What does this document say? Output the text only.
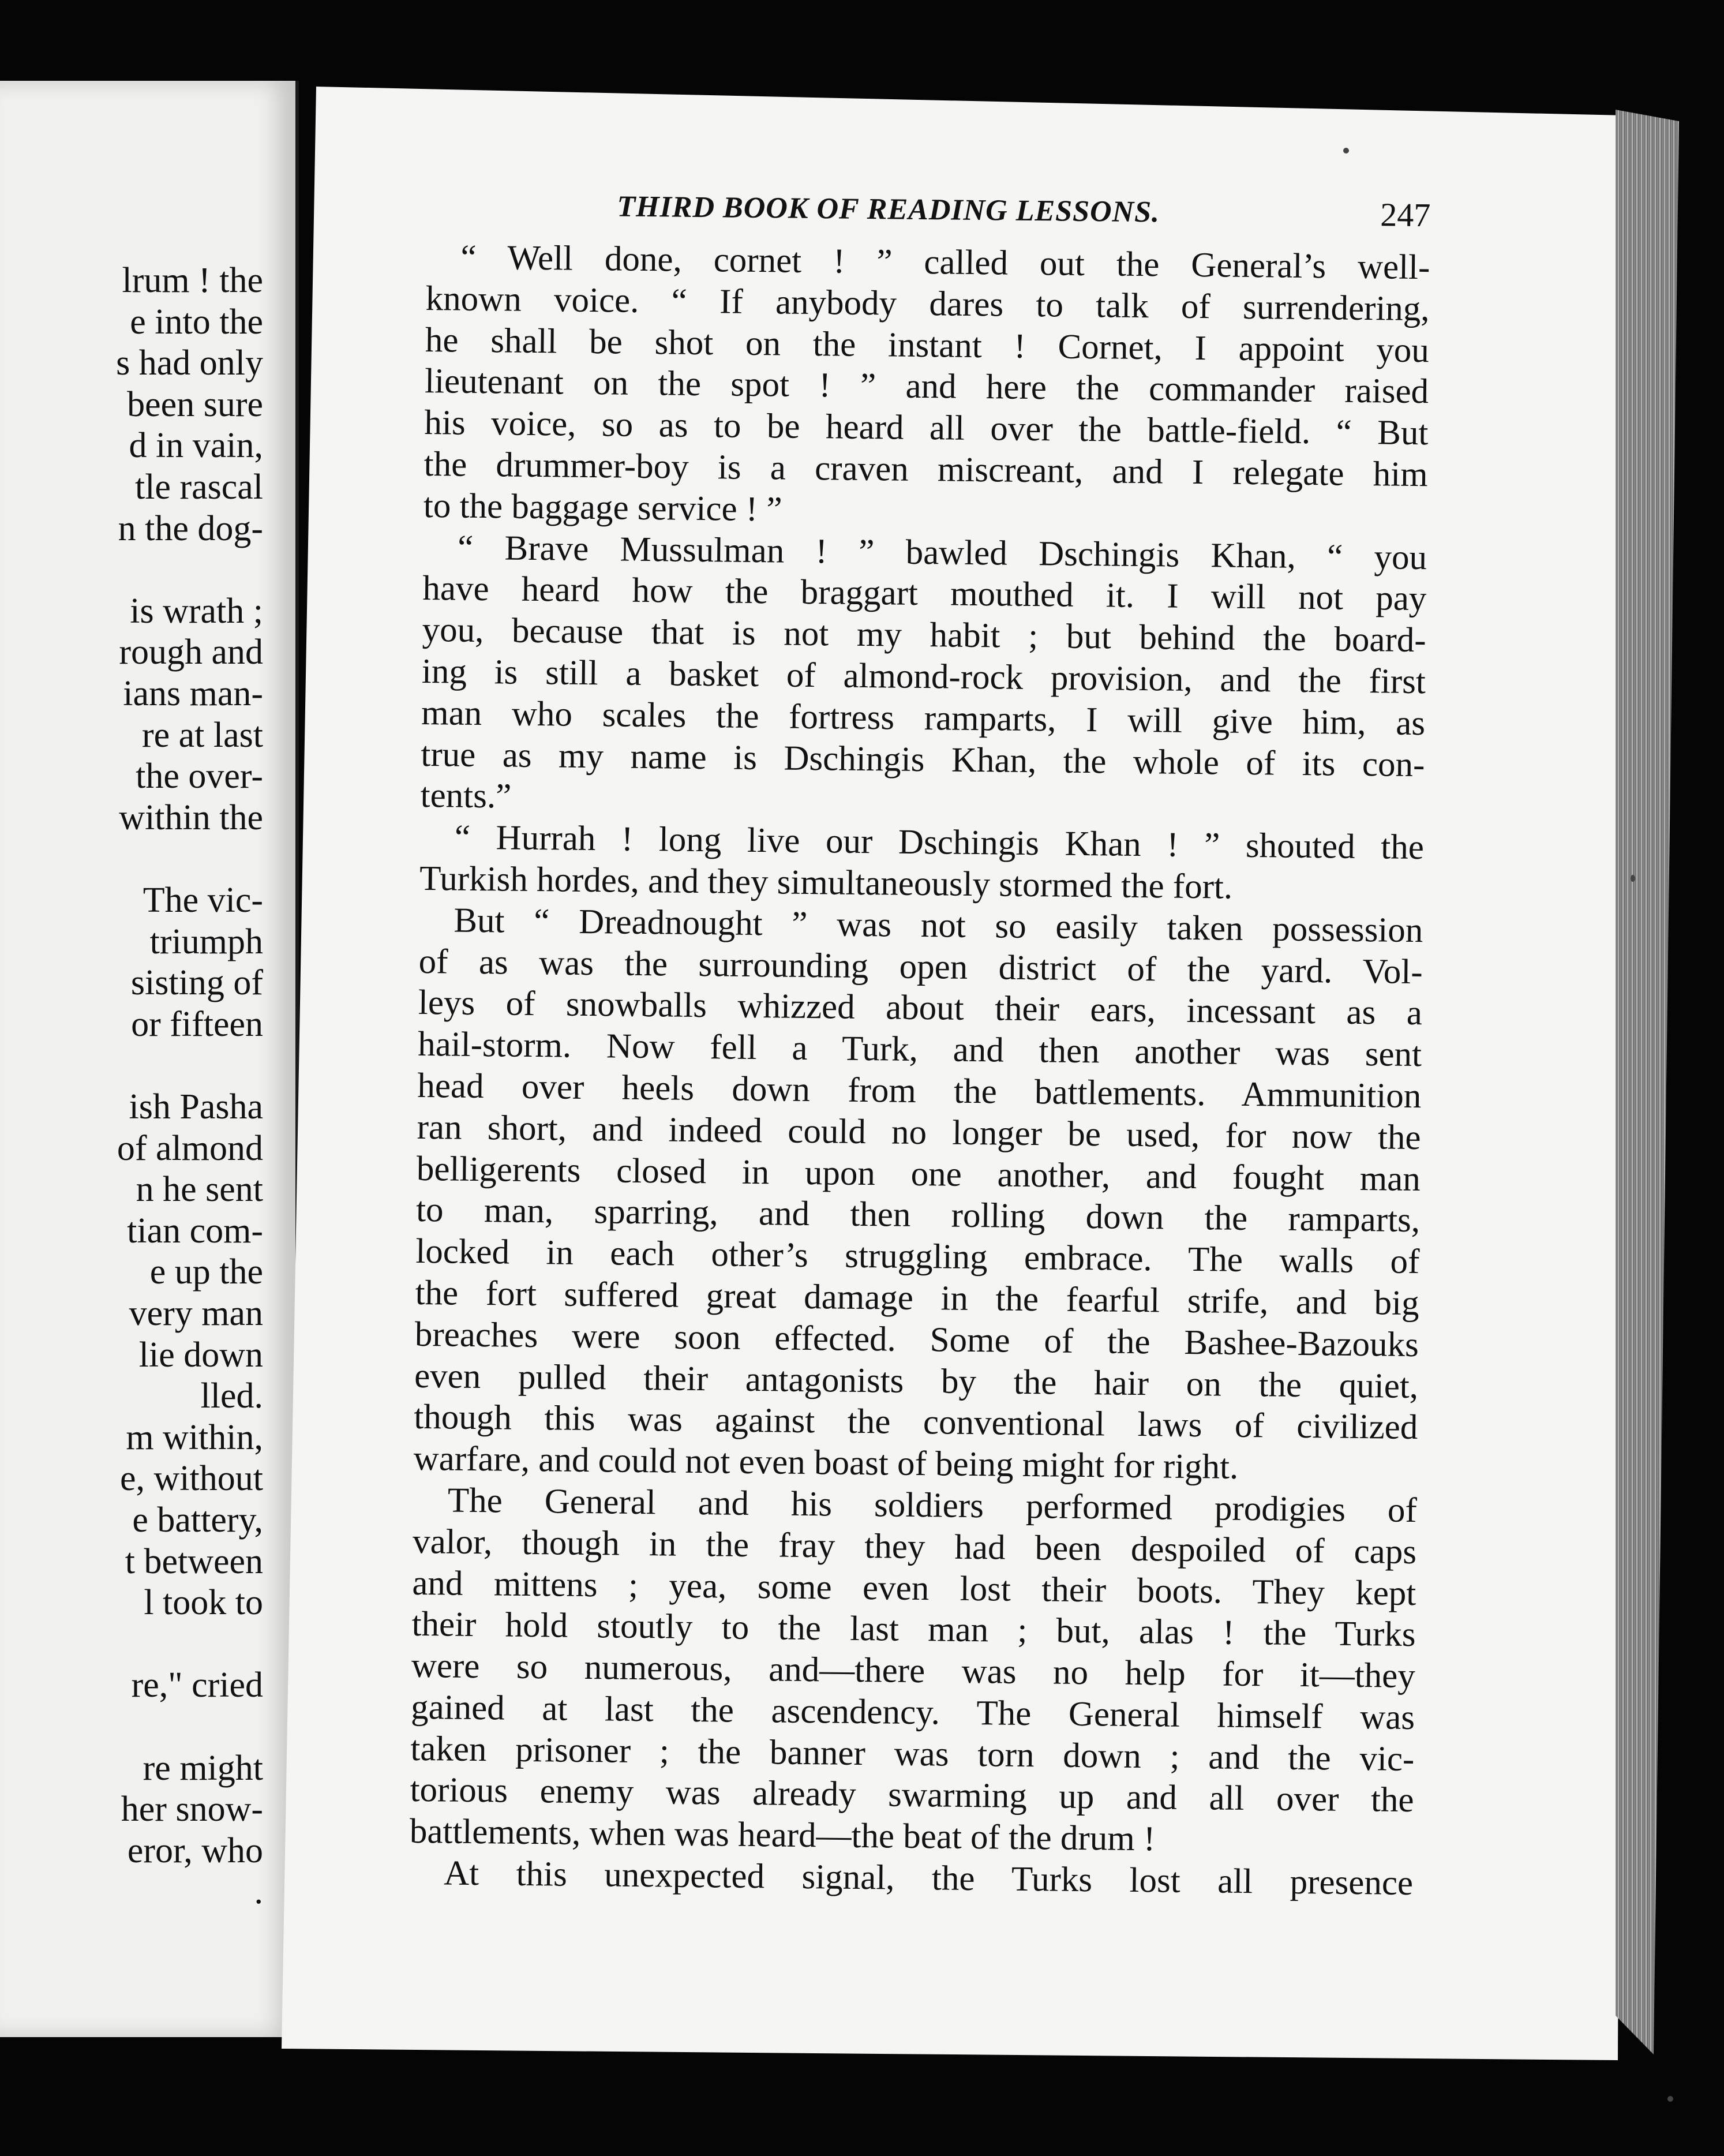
lrum ! the
e into the
s had only
been sure
d in vain,
tle rascal
n the dog-
is wrath ;
rough and
ians man-
re at last
the over-
within the
The vic-
triumph
sisting of
or fifteen
ish Pasha
of almond
n he sent
tian com-
e up the
very man
lie down
lled.
m within,
e, without
e battery,
t between
l took to
re," cried
re might
her snow-
eror, who
.
THIRD BOOK OF READING LESSONS.	247
“ Well done, cornet ! ” called out the General’s well-
known voice. “ If anybody dares to talk of surrendering,
he shall be shot on the instant ! Cornet, I appoint you
lieutenant on the spot ! ” and here the commander raised
his voice, so as to be heard all over the battle-field. “ But
the drummer-boy is a craven miscreant, and I relegate him
to the baggage service ! ”
“ Brave Mussulman ! ” bawled Dschingis Khan, “ you
have heard how the braggart mouthed it. I will not pay
you, because that is not my habit ; but behind the board-
ing is still a basket of almond-rock provision, and the first
man who scales the fortress ramparts, I will give him, as
true as my name is Dschingis Khan, the whole of its con-
tents.”
“ Hurrah ! long live our Dschingis Khan ! ” shouted the
Turkish hordes, and they simultaneously stormed the fort.
But “ Dreadnought ” was not so easily taken possession
of as was the surrounding open district of the yard. Vol-
leys of snowballs whizzed about their ears, incessant as a
hail-storm. Now fell a Turk, and then another was sent
head over heels down from the battlements. Ammunition
ran short, and indeed could no longer be used, for now the
belligerents closed in upon one another, and fought man
to man, sparring, and then rolling down the ramparts,
locked in each other’s struggling embrace. The walls of
the fort suffered great damage in the fearful strife, and big
breaches were soon effected. Some of the Bashee-Bazouks
even pulled their antagonists by the hair on the quiet,
though this was against the conventional laws of civilized
warfare, and could not even boast of being might for right.
The General and his soldiers performed prodigies of
valor, though in the fray they had been despoiled of caps
and mittens ; yea, some even lost their boots. They kept
their hold stoutly to the last man ; but, alas ! the Turks
were so numerous, and—there was no help for it—they
gained at last the ascendency. The General himself was
taken prisoner ; the banner was torn down ; and the vic-
torious enemy was already swarming up and all over the
battlements, when was heard—the beat of the drum !
At this unexpected signal, the Turks lost all presence
